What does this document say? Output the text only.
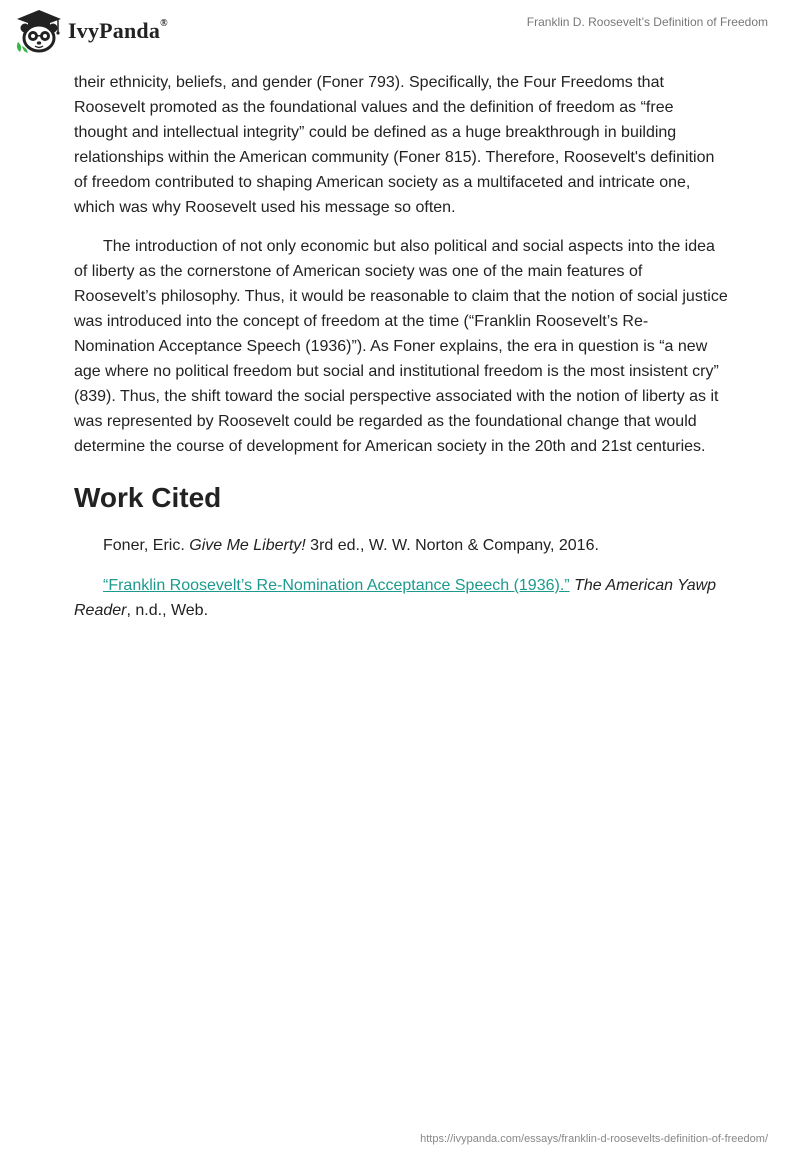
IvyPanda®	Franklin D. Roosevelt’s Definition of Freedom

their ethnicity, beliefs, and gender (Foner 793). Specifically, the Four Freedoms that Roosevelt promoted as the foundational values and the definition of freedom as “free thought and intellectual integrity” could be defined as a huge breakthrough in building relationships within the American community (Foner 815). Therefore, Roosevelt's definition of freedom contributed to shaping American society as a multifaceted and intricate one, which was why Roosevelt used his message so often.

The introduction of not only economic but also political and social aspects into the idea of liberty as the cornerstone of American society was one of the main features of Roosevelt’s philosophy. Thus, it would be reasonable to claim that the notion of social justice was introduced into the concept of freedom at the time (“Franklin Roosevelt’s Re-Nomination Acceptance Speech (1936)”). As Foner explains, the era in question is “a new age where no political freedom but social and institutional freedom is the most insistent cry” (839). Thus, the shift toward the social perspective associated with the notion of liberty as it was represented by Roosevelt could be regarded as the foundational change that would determine the course of development for American society in the 20th and 21st centuries.

Work Cited

Foner, Eric. Give Me Liberty! 3rd ed., W. W. Norton & Company, 2016.

“Franklin Roosevelt’s Re-Nomination Acceptance Speech (1936).” The American Yawp Reader, n.d., Web.

https://ivypanda.com/essays/franklin-d-roosevelts-definition-of-freedom/
